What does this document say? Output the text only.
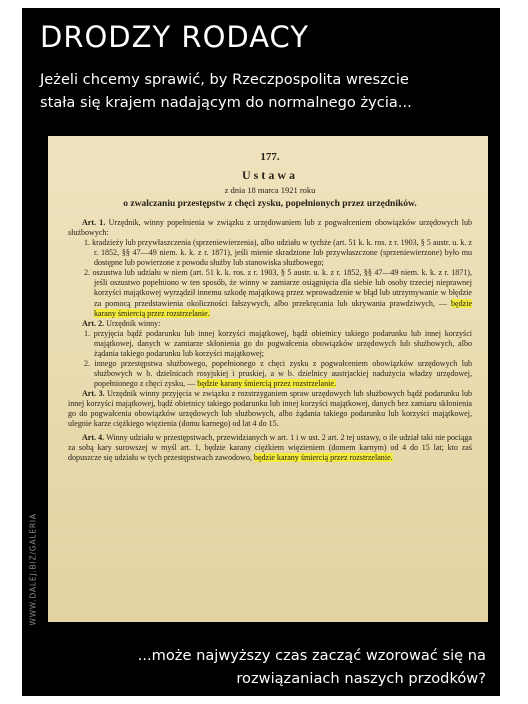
DRODZY RODACY
Jeżeli chcemy sprawić, by Rzeczpospolita wreszcie
stała się krajem nadającym do normalnego życia...
177.
Ustawa
z dnia 18 marca 1921 roku
o zwalczaniu przestępstw z chęci zysku, popełnionych przez urzędników.

Art. 1. Urzędnik, winny popełnienia w związku z urzędowaniem lub z pogwałceniem obowiązków urzędowych lub służbowych:

1. kradzieży lub przywłaszczenia (sprzeniewierzenia), albo udziału w tychże (art. 51 k. k. ros. z r. 1903, § 5 austr. u. k. z r. 1852, §§ 47—49 niem. k. k. z r. 1871), jeśli mienie skradzione lub przywłaszczone (sprzeniewierzone) było mu dostępne lub powierzone z powodu służby lub stanowiska służbowego;

2. oszustwa lub udziału w niem (art. 51 k. k. ros. z r. 1903, § 5 austr. u. k. z r. 1852, §§ 47—49 niem. k. k. z r. 1871), jeśli oszustwo popełniono w ten sposób, że winny w zamiarze osiągnięcia dla siebie lub osoby trzeciej nieprawnej korzyści majątkowej wyrządził innemu szkodę majątkową przez wprowadzenie w błąd lub utrzymywanie w błędzie za pomocą przedstawienia okoliczności fałszywych, albo przekręcania lub ukrywania prawdziwych, — będzie karany śmiercią przez rozstrzelanie.

Art. 2. Urzędnik winny:

1. przyjęcia bądź podarunku lub innej korzyści majątkowej, bądź obietnicy takiego podarunku lub innej korzyści majątkowej, danych w zamiarze skłonienia go do pogwałcenia obowiązków urzędowych lub służbowych, albo żądania takiego podarunku lub korzyści majątkowej;

2. innego przestępstwa służbowego, popełnionego z chęci zysku z pogwałceniem obowiązków urzędowych lub służbowych w b. dzielnicach rosyjskiej i pruskiej, a w b. dzielnicy austrjackiej nadużycia władzy urzędowej, popełnionego z chęci zysku, — będzie karany śmiercią przez rozstrzelanie.

Art. 3. Urzędnik winny przyjęcia w związku z rozstrzyganiem spraw urzędowych lub służbowych bądź podarunku lub innej korzyści majątkowej, bądź obietnicy takiego podarunku lub innej korzyści majątkowej, danych bez zamiaru skłonienia go do pogwałcenia obowiązków urzędowych lub służbowych, albo żądania takiego podarunku lub korzyści majątkowej, ulegnie karze ciężkiego więzienia (domu karnego) od lat 4 do 15.

Art. 4. Winny udziału w przestępstwach, przewidzianych w art. 1 i w ust. 2 art. 2 tej ustawy, o ile udział taki nie pociąga za sobą kary surowszej w myśl art. 1, będzie karany ciężkiem więzieniem (domem karnym) od 4 do 15 lat; kto zaś dopuszcze się udziału w tych przestępstwach zawodowo, będzie karany śmiercią przez rozstrzelanie.

WWW.DALEJ.BIZ/GALERIA
...może najwyższy czas zacząć wzorować się na
rozwiązaniach naszych przodków?
